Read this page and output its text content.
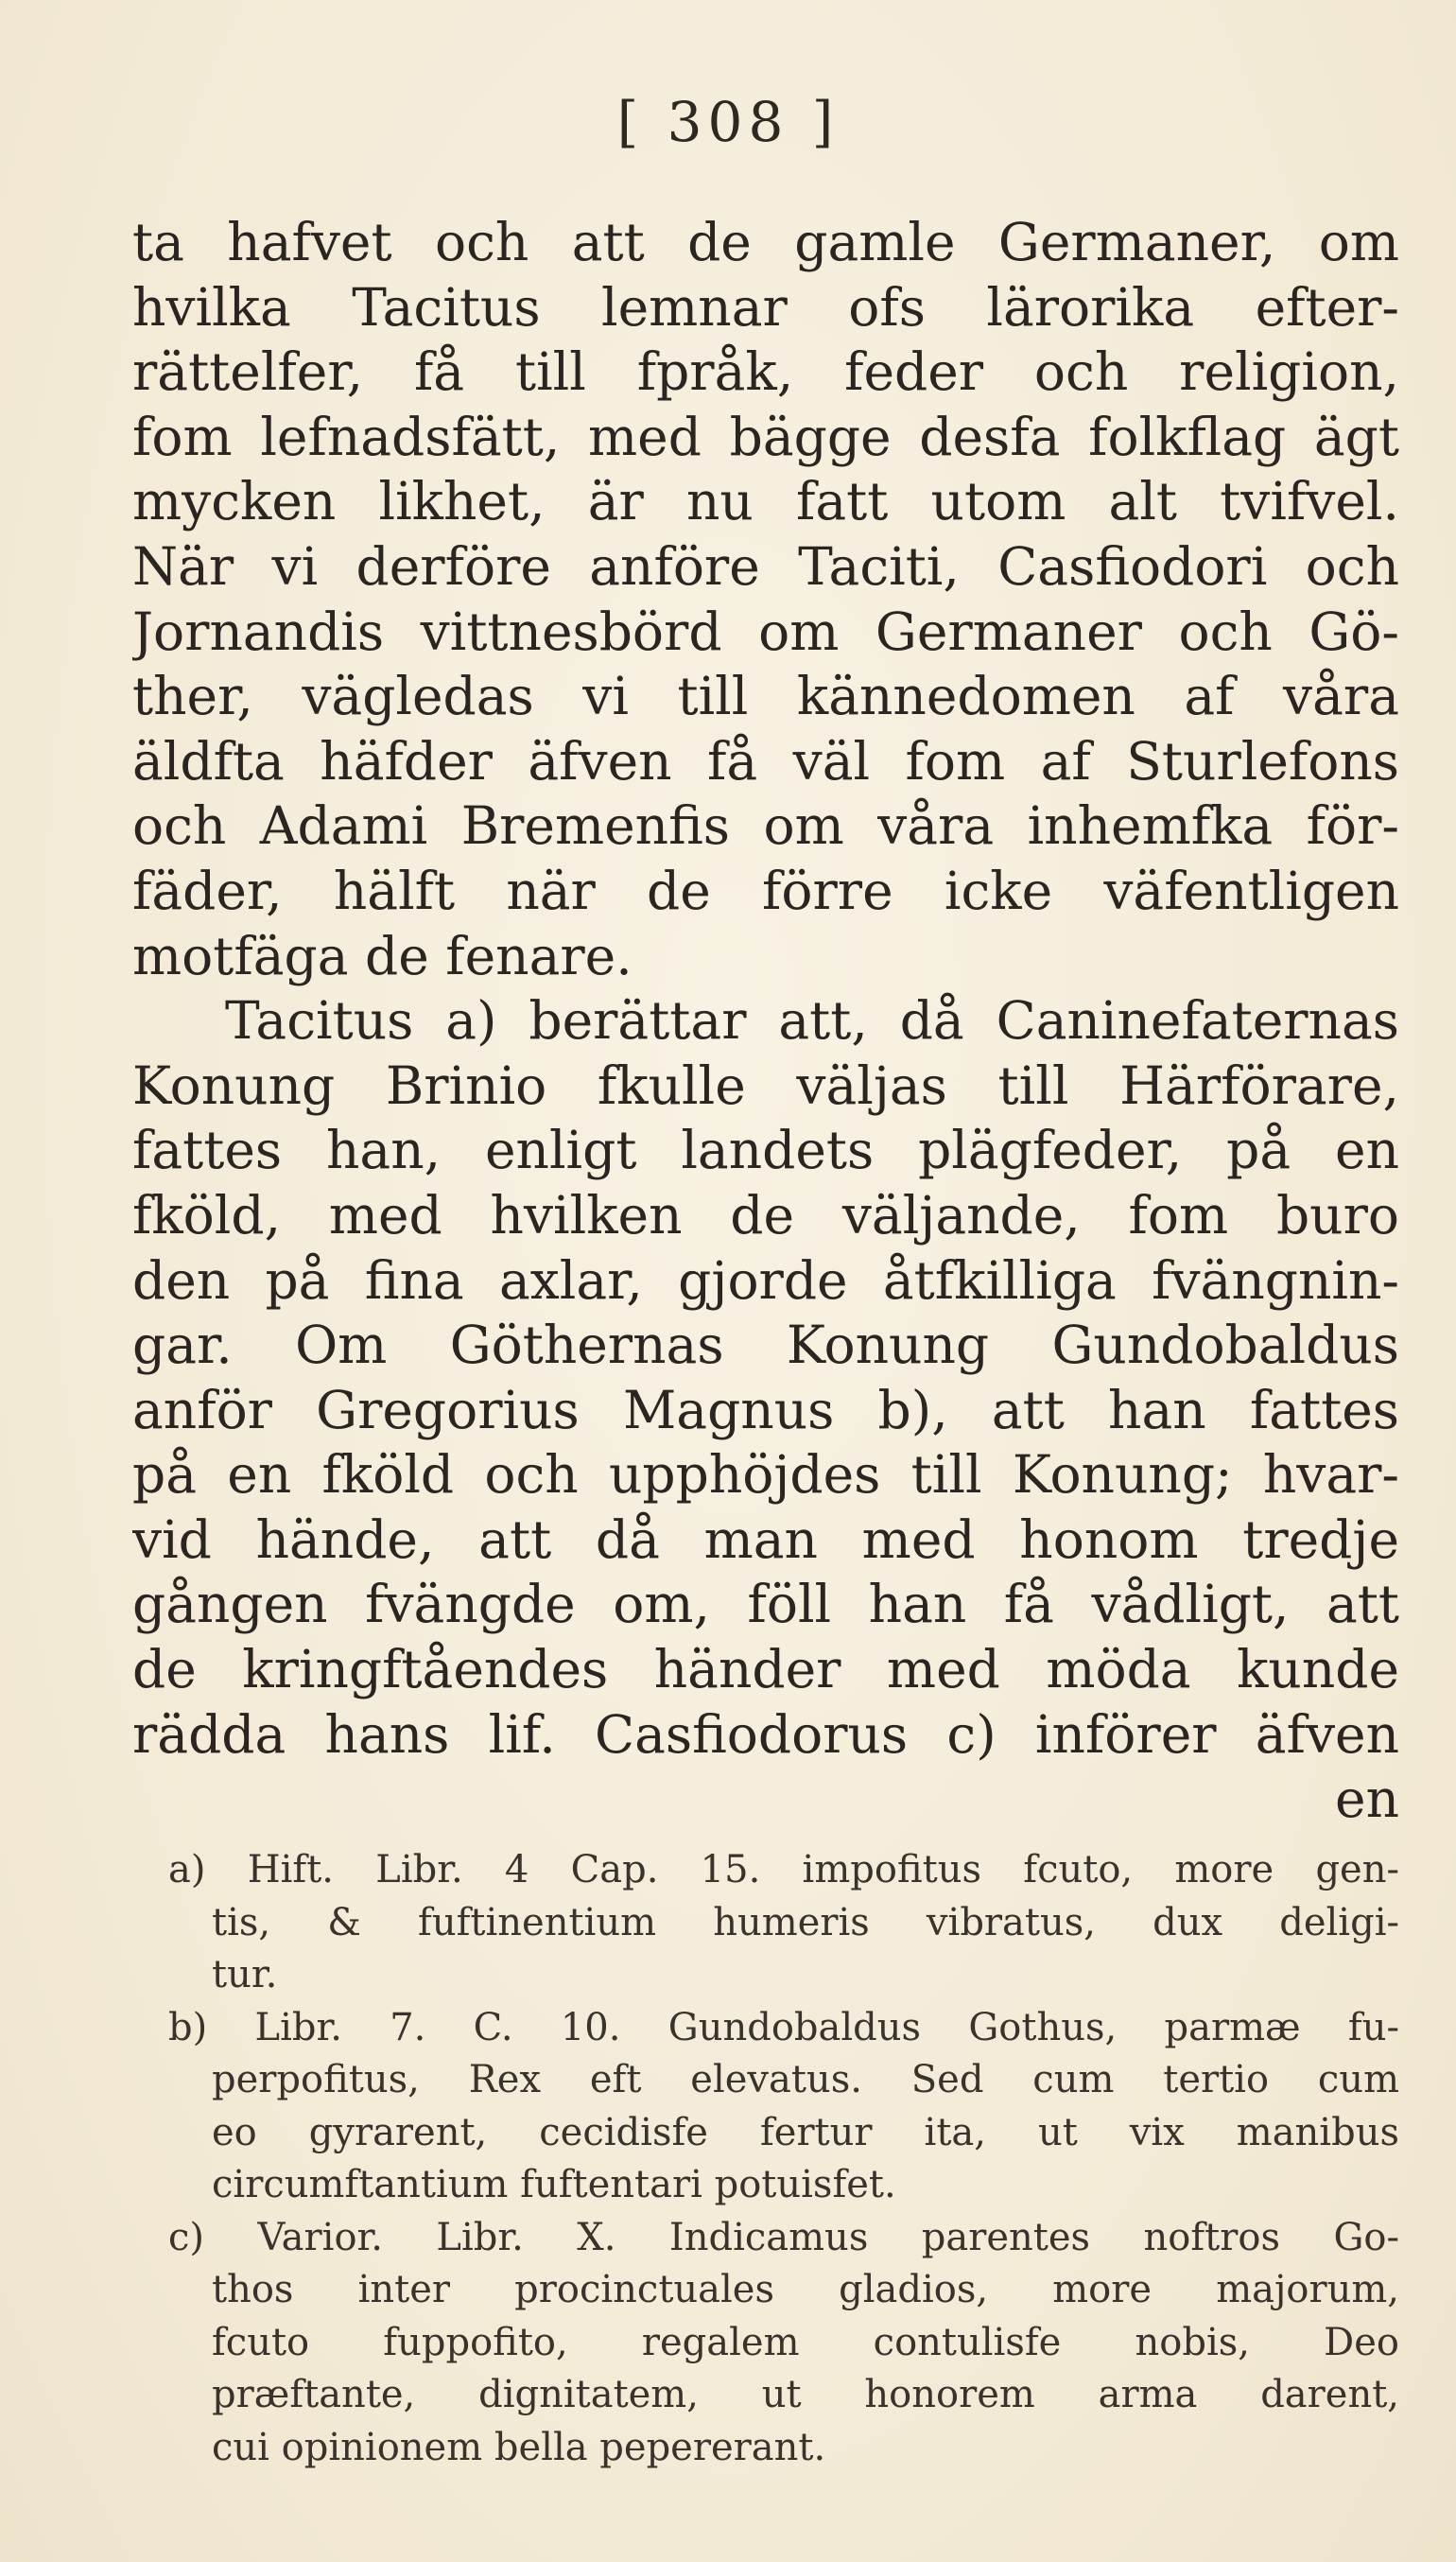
[ 308 ]
ta hafvet och att de gamle Germaner, om
hvilka Tacitus lemnar ofs lärorika efter-
rättelfer, få till fpråk, feder och religion,
fom lefnadsfätt, med bägge desfa folkflag ägt
mycken likhet, är nu fatt utom alt tvifvel.
När vi derföre anföre Taciti, Casfiodori och
Jornandis vittnesbörd om Germaner och Gö-
ther, vägledas vi till kännedomen af våra
äldfta häfder äfven få väl fom af Sturlefons
och Adami Bremenfis om våra inhemfka för-
fäder, hälft när de förre icke väfentligen
motfäga de fenare.
Tacitus a) berättar att, då Caninefaternas
Konung Brinio fkulle väljas till Härförare,
fattes han, enligt landets plägfeder, på en
fköld, med hvilken de väljande, fom buro
den på fina axlar, gjorde åtfkilliga fvängnin-
gar. Om Göthernas Konung Gundobaldus
anför Gregorius Magnus b), att han fattes
på en fköld och upphöjdes till Konung; hvar-
vid hände, att då man med honom tredje
gången fvängde om, föll han få vådligt, att
de kringftåendes händer med möda kunde
rädda hans lif. Casfiodorus c) införer äfven
en
a) Hift. Libr. 4 Cap. 15. impofitus fcuto, more gen-
tis, & fuftinentium humeris vibratus, dux deligi-
tur.
b) Libr. 7. C. 10. Gundobaldus Gothus, parmæ fu-
perpofitus, Rex eft elevatus. Sed cum tertio cum
eo gyrarent, cecidisfe fertur ita, ut vix manibus
circumftantium fuftentari potuisfet.
c) Varior. Libr. X. Indicamus parentes noftros Go-
thos inter procinctuales gladios, more majorum,
fcuto fuppofito, regalem contulisfe nobis, Deo
præftante, dignitatem, ut honorem arma darent,
cui opinionem bella pepererant.
